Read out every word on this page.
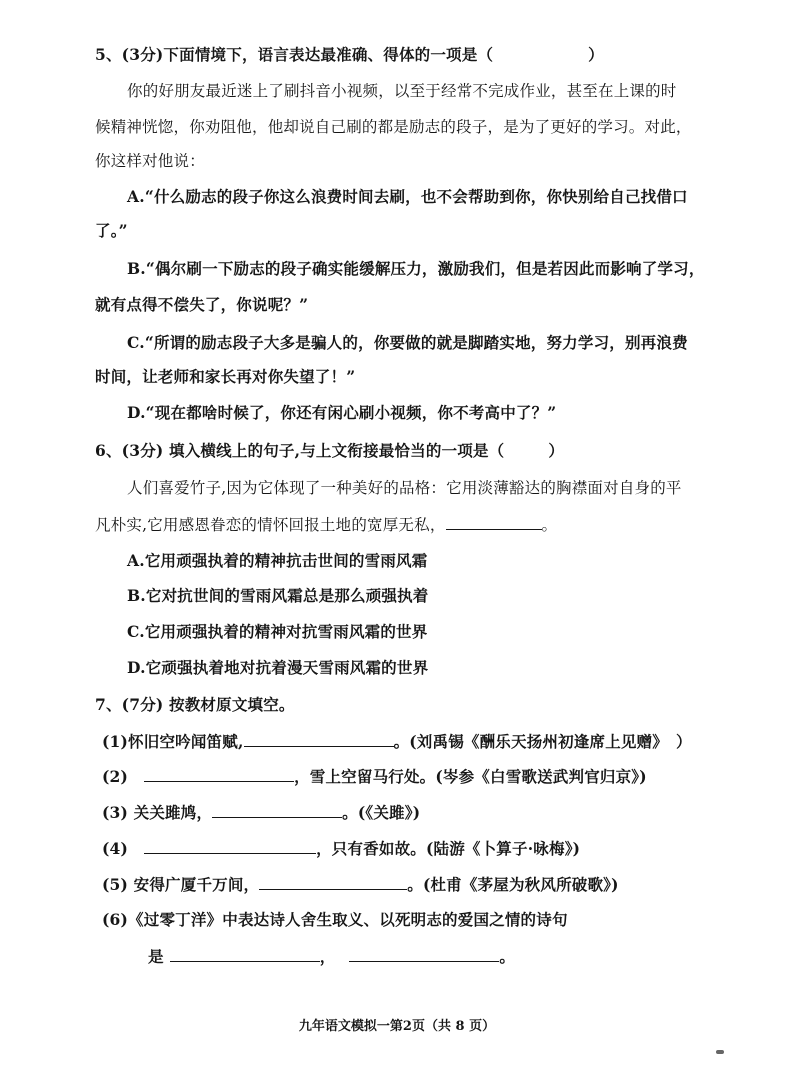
5、(3分)下面情境下，语言表达最准确、得体的一项是（	）
你的好朋友最近迷上了刷抖音小视频，以至于经常不完成作业，甚至在上课的时
候精神恍惚，你劝阻他，他却说自己刷的都是励志的段子，是为了更好的学习。对此，
你这样对他说：
A.“什么励志的段子你这么浪费时间去刷，也不会帮助到你，你快别给自己找借口
了。”
B.“偶尔刷一下励志的段子确实能缓解压力，激励我们，但是若因此而影响了学习，
就有点得不偿失了，你说呢？”
C.“所谓的励志段子大多是骗人的，你要做的就是脚踏实地，努力学习，别再浪费
时间，让老师和家长再对你失望了！”
D.“现在都啥时候了，你还有闲心刷小视频，你不考高中了？”
6、(3分) 填入横线上的句子,与上文衔接最恰当的一项是（	）
人们喜爱竹子,因为它体现了一种美好的品格：它用淡薄豁达的胸襟面对自身的平
凡朴实,它用感恩眷恋的情怀回报土地的宽厚无私，	。
A.它用顽强执着的精神抗击世间的雪雨风霜
B.它对抗世间的雪雨风霜总是那么顽强执着
C.它用顽强执着的精神对抗雪雨风霜的世界
D.它顽强执着地对抗着漫天雪雨风霜的世界
7、(7分) 按教材原文填空。
(1)怀旧空吟闻笛赋,	。(刘禹锡《酬乐天扬州初逢席上见赠》　）
(2)	，雪上空留马行处。(岑参《白雪歌送武判官归京》)
(3) 关关雎鸠，	。(《关雎》)
(4)	，只有香如故。(陆游《卜算子·咏梅》)
(5) 安得广厦千万间，	。(杜甫《茅屋为秋风所破歌》)
(6)《过零丁洋》中表达诗人舍生取义、以死明志的爱国之情的诗句
是	，	。
九年语文模拟一第2页（共 8 页）
